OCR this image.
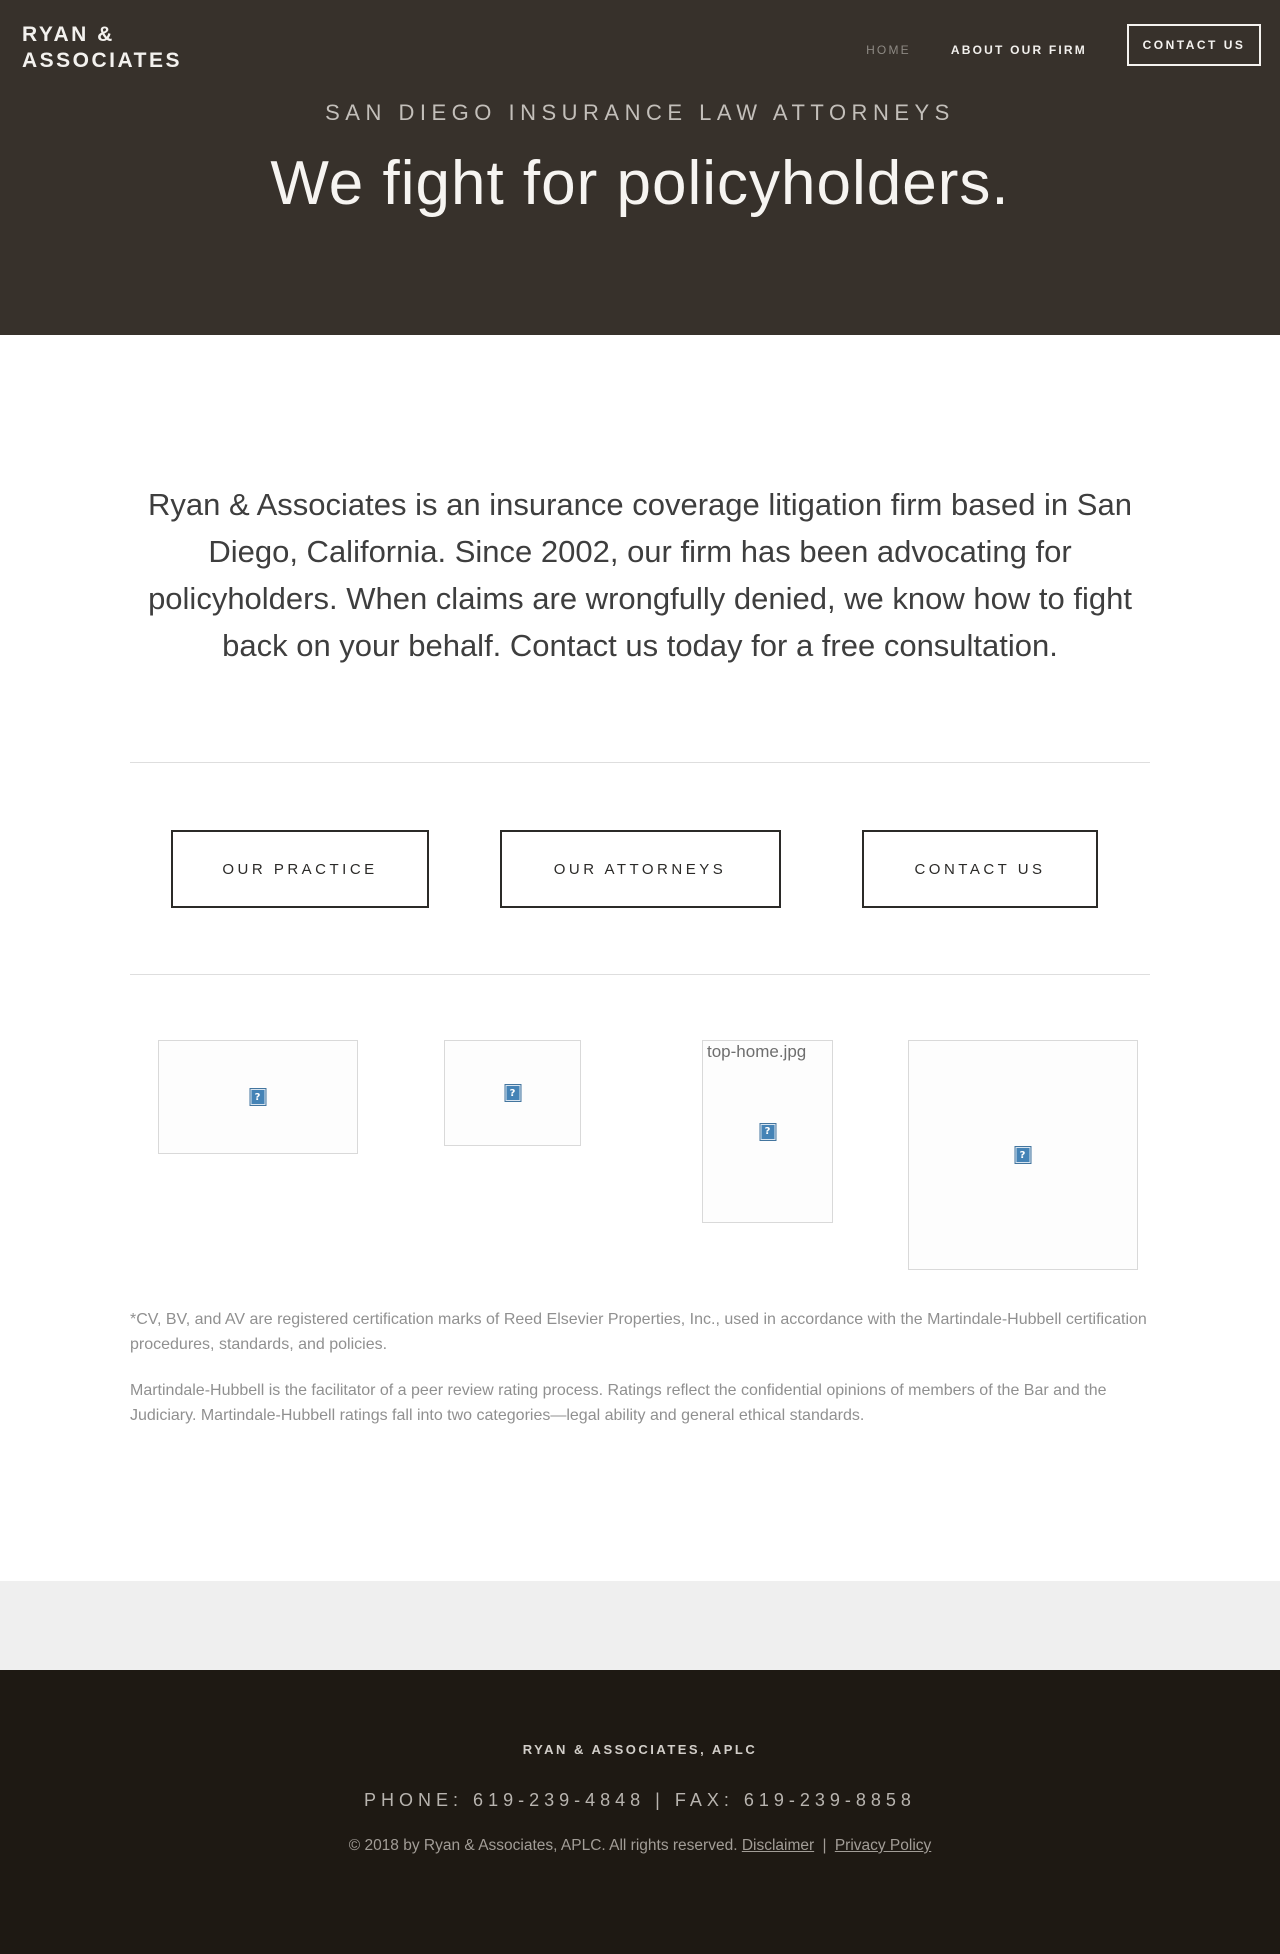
RYAN &
ASSOCIATES	HOME	ABOUT OUR FIRM	CONTACT US
SAN DIEGO INSURANCE LAW ATTORNEYS
We fight for policyholders.

Ryan & Associates is an insurance coverage litigation firm based in San Diego, California. Since 2002, our firm has been advocating for policyholders. When claims are wrongfully denied, we know how to fight back on your behalf. Contact us today for a free consultation.

OUR PRACTICE	OUR ATTORNEYS	CONTACT US
?	?
top-home.jpg
?
?

*CV, BV, and AV are registered certification marks of Reed Elsevier Properties, Inc., used in accordance with the Martindale-Hubbell certification procedures, standards, and policies.

Martindale-Hubbell is the facilitator of a peer review rating process. Ratings reflect the confidential opinions of members of the Bar and the Judiciary. Martindale-Hubbell ratings fall into two categories—legal ability and general ethical standards.

RYAN & ASSOCIATES, APLC
PHONE: 619-239-4848 | FAX: 619-239-8858
© 2018 by Ryan & Associates, APLC. All rights reserved. Disclaimer | Privacy Policy
